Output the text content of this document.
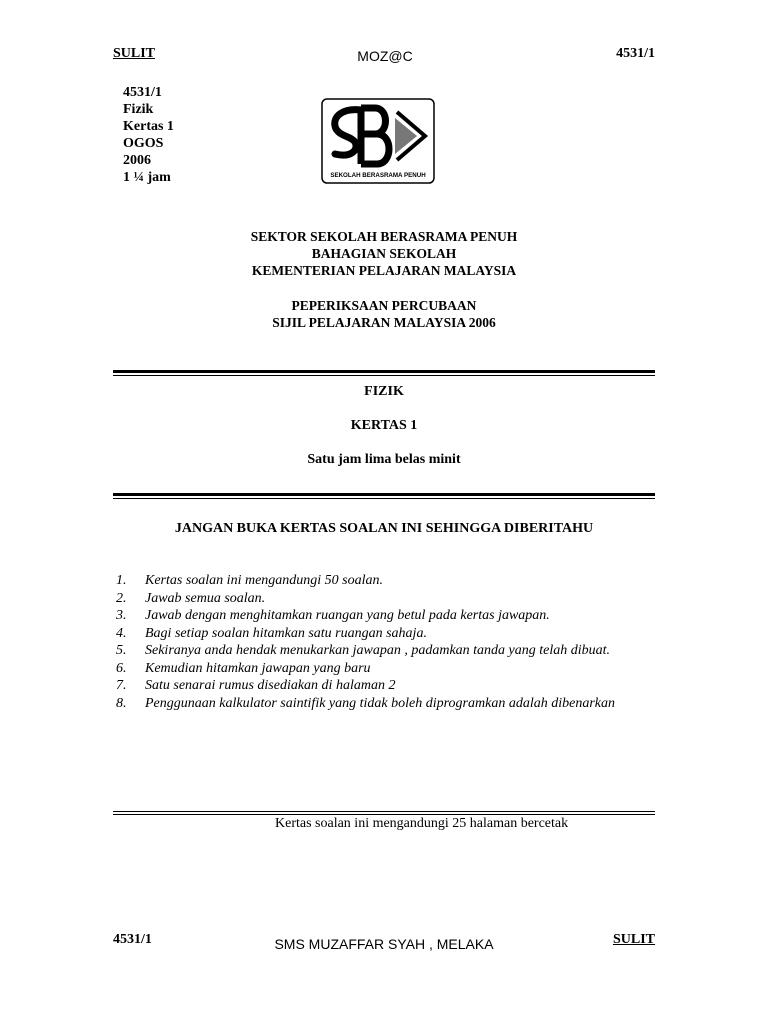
SULIT	MOZ@C	4531/1
4531/1
Fizik
Kertas 1
OGOS
2006
1 ¼ jam	SEKOLAH BERASRAMA PENUH
SEKTOR SEKOLAH BERASRAMA PENUH
BAHAGIAN SEKOLAH
KEMENTERIAN PELAJARAN MALAYSIA
PEPERIKSAAN PERCUBAAN
SIJIL PELAJARAN MALAYSIA 2006
FIZIK
KERTAS 1
Satu jam lima belas minit
JANGAN BUKA KERTAS SOALAN INI SEHINGGA DIBERITAHU
1. Kertas soalan ini mengandungi 50 soalan.
2. Jawab semua soalan.
3. Jawab dengan menghitamkan ruangan yang betul pada kertas jawapan.
4. Bagi setiap soalan hitamkan satu ruangan sahaja.
5. Sekiranya anda hendak menukarkan jawapan , padamkan tanda yang telah dibuat.
6. Kemudian hitamkan jawapan yang baru
7. Satu senarai rumus disediakan di halaman 2
8. Penggunaan kalkulator saintifik yang tidak boleh diprogramkan adalah dibenarkan
Kertas soalan ini mengandungi 25 halaman bercetak
4531/1	SMS MUZAFFAR SYAH , MELAKA	SULIT
